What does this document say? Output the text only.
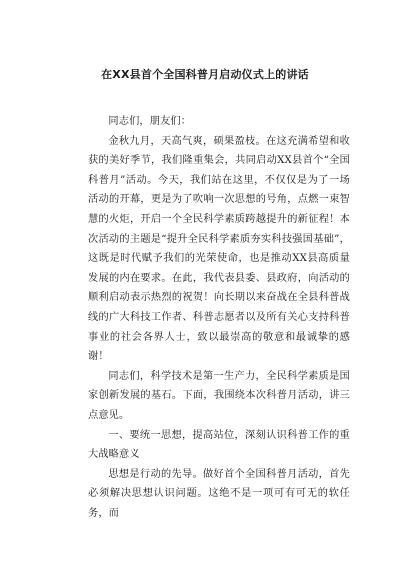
在XX县首个全国科普月启动仪式上的讲话

同志们，朋友们：

金秋九月，天高气爽，硕果盈枝。在这充满希望和收获的美好季节，我们隆重集会，共同启动XX县首个“全国科普月”活动。今天，我们站在这里，不仅仅是为了一场活动的开幕，更是为了吹响一次思想的号角，点燃一束智慧的火炬，开启一个全民科学素质跨越提升的新征程！本次活动的主题是“提升全民科学素质夯实科技强国基础”，这既是时代赋予我们的光荣使命，也是推动XX县高质量发展的内在要求。在此，我代表县委、县政府，向活动的顺利启动表示热烈的祝贺！向长期以来奋战在全县科普战线的广大科技工作者、科普志愿者以及所有关心支持科普事业的社会各界人士，致以最崇高的敬意和最诚挚的感谢！

同志们，科学技术是第一生产力，全民科学素质是国家创新发展的基石。下面，我围绕本次科普月活动，讲三点意见。

一、要统一思想，提高站位，深刻认识科普工作的重大战略意义

思想是行动的先导。做好首个全国科普月活动，首先必须解决思想认识问题。这绝不是一项可有可无的软任务，而
